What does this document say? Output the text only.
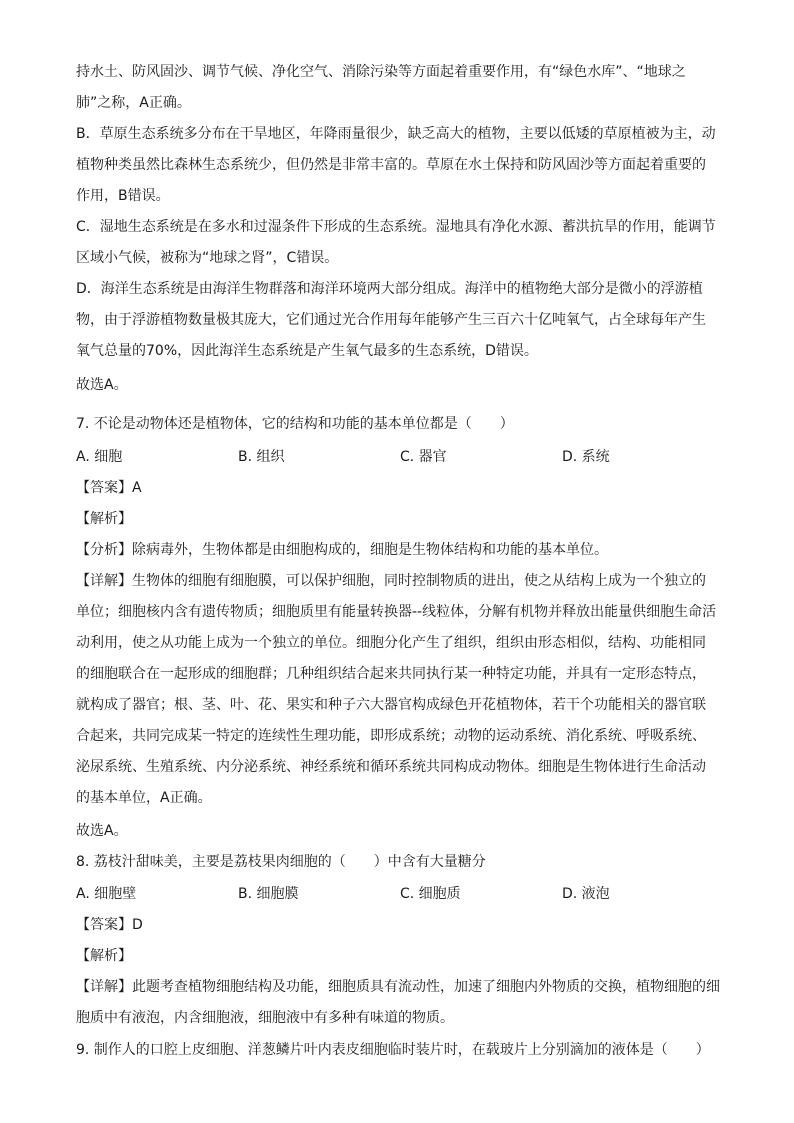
持水土、防风固沙、调节气候、净化空气、消除污染等方面起着重要作用，有“绿色水库”、“地球之
肺”之称，A正确。
B．草原生态系统多分布在干旱地区，年降雨量很少，缺乏高大的植物，主要以低矮的草原植被为主，动
植物种类虽然比森林生态系统少，但仍然是非常丰富的。草原在水土保持和防风固沙等方面起着重要的
作用，B错误。
C．湿地生态系统是在多水和过湿条件下形成的生态系统。湿地具有净化水源、蓄洪抗旱的作用，能调节
区域小气候，被称为“地球之肾”，C错误。
D．海洋生态系统是由海洋生物群落和海洋环境两大部分组成。海洋中的植物绝大部分是微小的浮游植
物，由于浮游植物数量极其庞大，它们通过光合作用每年能够产生三百六十亿吨氧气，占全球每年产生
氧气总量的70%，因此海洋生态系统是产生氧气最多的生态系统，D错误。
故选A。
7. 不论是动物体还是植物体，它的结构和功能的基本单位都是（　　）
A. 细胞	B. 组织	C. 器官	D. 系统
【答案】A
【解析】
【分析】除病毒外，生物体都是由细胞构成的，细胞是生物体结构和功能的基本单位。
【详解】生物体的细胞有细胞膜，可以保护细胞，同时控制物质的进出，使之从结构上成为一个独立的
单位；细胞核内含有遗传物质；细胞质里有能量转换器--线粒体，分解有机物并释放出能量供细胞生命活
动利用，使之从功能上成为一个独立的单位。细胞分化产生了组织，组织由形态相似，结构、功能相同
的细胞联合在一起形成的细胞群；几种组织结合起来共同执行某一种特定功能，并具有一定形态特点，
就构成了器官；根、茎、叶、花、果实和种子六大器官构成绿色开花植物体，若干个功能相关的器官联
合起来，共同完成某一特定的连续性生理功能，即形成系统；动物的运动系统、消化系统、呼吸系统、
泌尿系统、生殖系统、内分泌系统、神经系统和循环系统共同构成动物体。细胞是生物体进行生命活动
的基本单位，A正确。
故选A。
8. 荔枝汁甜味美，主要是荔枝果肉细胞的（　　）中含有大量糖分
A. 细胞壁	B. 细胞膜	C. 细胞质	D. 液泡
【答案】D
【解析】
【详解】此题考查植物细胞结构及功能，细胞质具有流动性，加速了细胞内外物质的交换，植物细胞的细
胞质中有液泡，内含细胞液，细胞液中有多种有味道的物质。
9. 制作人的口腔上皮细胞、洋葱鳞片叶内表皮细胞临时装片时，在载玻片上分别滴加的液体是（　　）
